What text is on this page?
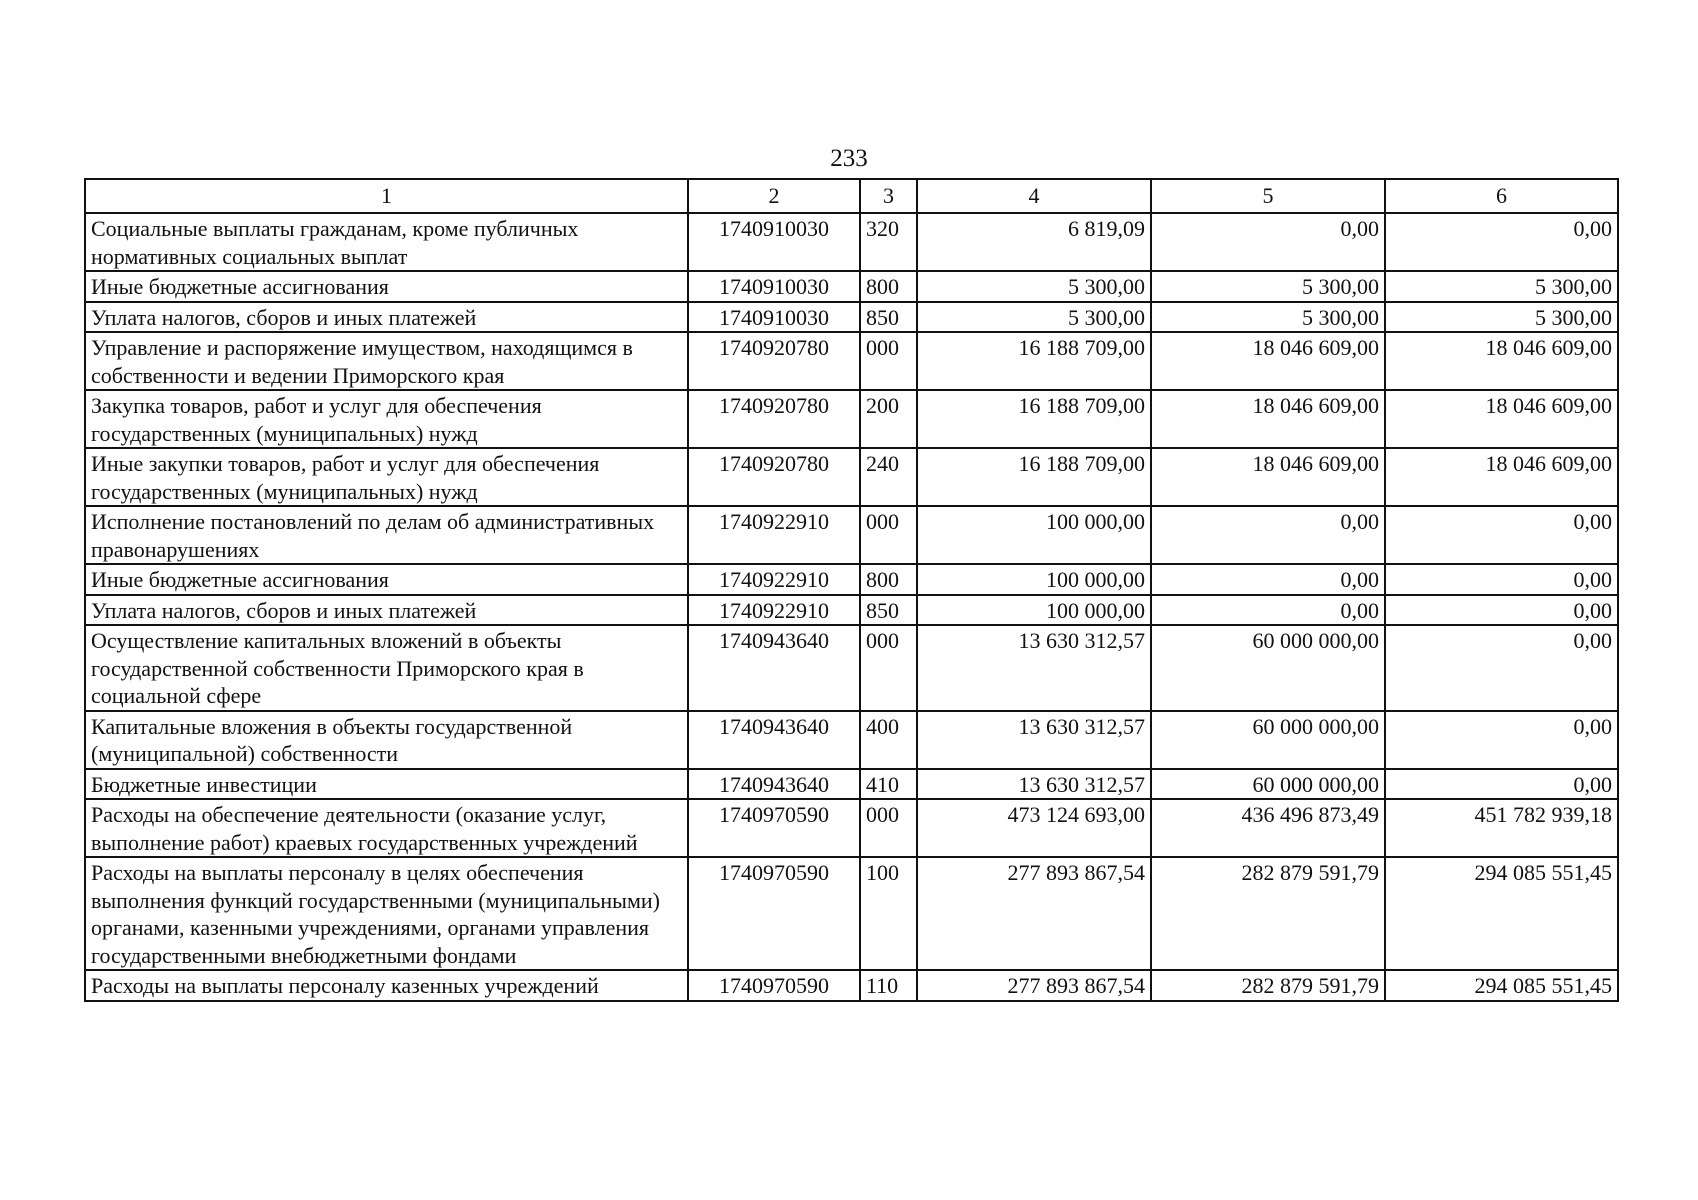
233
1	2	3	4	5	6
Социальные выплаты гражданам, кроме публичных нормативных социальных выплат	1740910030	320	6 819,09	0,00	0,00
Иные бюджетные ассигнования	1740910030	800	5 300,00	5 300,00	5 300,00
Уплата налогов, сборов и иных платежей	1740910030	850	5 300,00	5 300,00	5 300,00
Управление и распоряжение имуществом, находящимся в собственности и ведении Приморского края	1740920780	000	16 188 709,00	18 046 609,00	18 046 609,00
Закупка товаров, работ и услуг для обеспечения государственных (муниципальных) нужд	1740920780	200	16 188 709,00	18 046 609,00	18 046 609,00
Иные закупки товаров, работ и услуг для обеспечения государственных (муниципальных) нужд	1740920780	240	16 188 709,00	18 046 609,00	18 046 609,00
Исполнение постановлений по делам об административных правонарушениях	1740922910	000	100 000,00	0,00	0,00
Иные бюджетные ассигнования	1740922910	800	100 000,00	0,00	0,00
Уплата налогов, сборов и иных платежей	1740922910	850	100 000,00	0,00	0,00
Осуществление капитальных вложений в объекты государственной собственности Приморского края в социальной сфере	1740943640	000	13 630 312,57	60 000 000,00	0,00
Капитальные вложения в объекты государственной (муниципальной) собственности	1740943640	400	13 630 312,57	60 000 000,00	0,00
Бюджетные инвестиции	1740943640	410	13 630 312,57	60 000 000,00	0,00
Расходы на обеспечение деятельности (оказание услуг, выполнение работ) краевых государственных учреждений	1740970590	000	473 124 693,00	436 496 873,49	451 782 939,18
Расходы на выплаты персоналу в целях обеспечения выполнения функций государственными (муниципальными) органами, казенными учреждениями, органами управления государственными внебюджетными фондами	1740970590	100	277 893 867,54	282 879 591,79	294 085 551,45
Расходы на выплаты персоналу казенных учреждений	1740970590	110	277 893 867,54	282 879 591,79	294 085 551,45
